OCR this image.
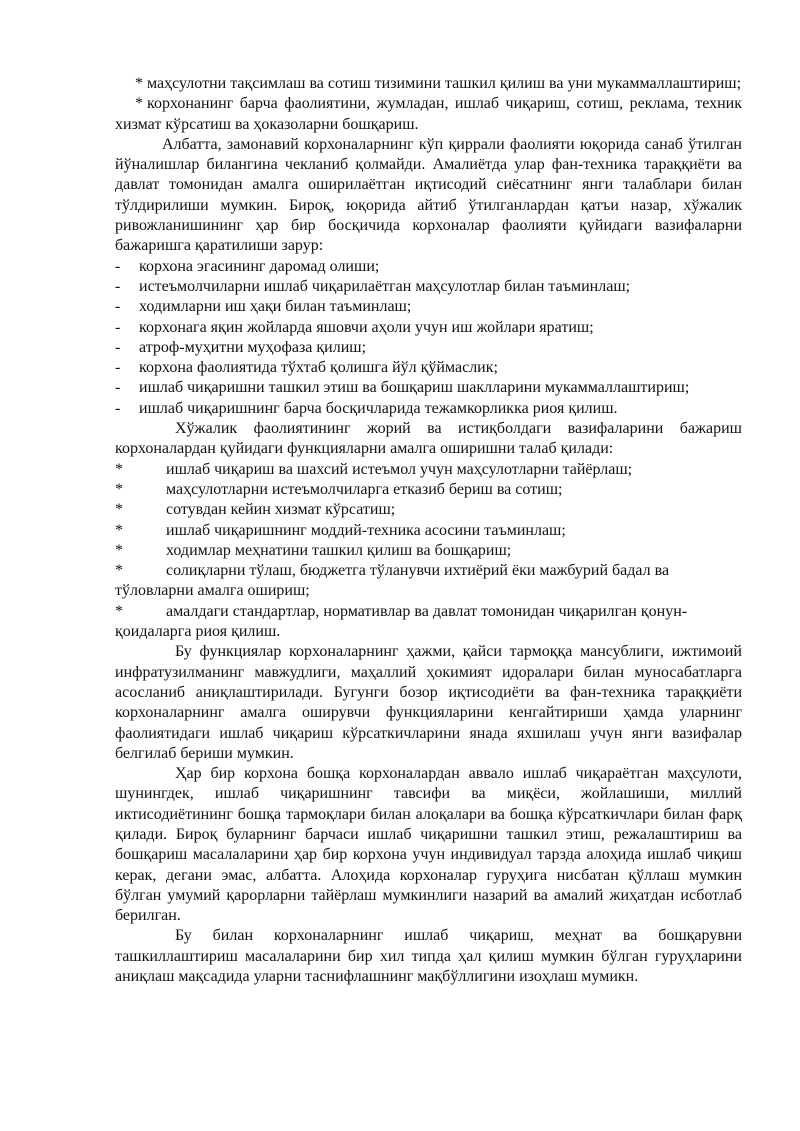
* маҳсулотни тақсимлаш ва сотиш тизимини ташкил қилиш ва уни мукаммаллаштириш;
* корхонанинг барча фаолиятини, жумладан, ишлаб чиқариш, сотиш, реклама, техник хизмат кўрсатиш ва ҳоказоларни бошқариш.

Албатта, замонавий корхоналарнинг кўп қиррали фаолияти юқорида санаб ўтилган йўналишлар билангина чекланиб қолмайди. Амалиётда улар фан-техника тараққиёти ва давлат томонидан амалга оширилаётган иқтисодий сиёсатнинг янги талаблари билан тўлдирилиши мумкин. Бироқ, юқорида айтиб ўтилганлардан қатъи назар, хўжалик ривожланишининг ҳар бир босқичида корхоналар фаолияти қуйидаги вазифаларни бажаришга қаратилиши зарур:

-	корхона эгасининг даромад олиши;
-	истеъмолчиларни ишлаб чиқарилаётган маҳсулотлар билан таъминлаш;
-	ходимларни иш ҳақи билан таъминлаш;
-	корхонага яқин жойларда яшовчи аҳоли учун иш жойлари яратиш;
-	атроф-муҳитни муҳофаза қилиш;
-	корхона фаолиятида тўхтаб қолишга йўл қўймаслик;
-	ишлаб чиқаришни ташкил этиш ва бошқариш шаклларини мукаммаллаштириш;
-	ишлаб чиқаришнинг барча босқичларида тежамкорликка риоя қилиш.

Хўжалик фаолиятининг жорий ва истиқболдаги вазифаларини бажариш корхоналардан қуйидаги функцияларни амалга оширишни талаб қилади:

*	ишлаб чиқариш ва шахсий истеъмол учун маҳсулотларни тайёрлаш;
*	маҳсулотларни истеъмолчиларга етказиб бериш ва сотиш;
*	сотувдан кейин хизмат кўрсатиш;
*	ишлаб чиқаришнинг моддий-техника асосини таъминлаш;
*	ходимлар меҳнатини ташкил қилиш ва бошқариш;
*	солиқларни тўлаш, бюджетга тўланувчи ихтиёрий ёки мажбурий бадал ва
тўловларни амалга ошириш;
*	амалдаги стандартлар, нормативлар ва давлат томонидан чиқарилган қонун-
қоидаларга риоя қилиш.

Бу функциялар корхоналарнинг ҳажми, қайси тармоққа мансублиги, ижтимоий инфратузилманинг мавжудлиги, маҳаллий ҳокимият идоралари билан муносабатларга асосланиб аниқлаштирилади. Бугунги бозор иқтисодиёти ва фан-техника тараққиёти корхоналарнинг амалга оширувчи функцияларини кенгайтириши ҳамда уларнинг фаолиятидаги ишлаб чиқариш кўрсаткичларини янада яхшилаш учун янги вазифалар белгилаб бериши мумкин.

Ҳар бир корхона бошқа корхоналардан аввало ишлаб чиқараётган маҳсулоти, шунингдек, ишлаб чиқаришнинг тавсифи ва миқёси, жойлашиши, миллий иктисодиётининг бошқа тармоқлари билан алоқалари ва бошқа кўрсаткичлари билан фарқ қилади. Бироқ буларнинг барчаси ишлаб чиқаришни ташкил этиш, режалаштириш ва бошқариш масалаларини ҳар бир корхона учун индивидуал тарзда алоҳида ишлаб чиқиш керак, дегани эмас, албатта. Алоҳида корхоналар гуруҳига нисбатан қўллаш мумкин бўлган умумий қарорларни тайёрлаш мумкинлиги назарий ва амалий жиҳатдан исботлаб берилган.

Бу билан корхоналарнинг ишлаб чиқариш, меҳнат ва бошқарувни ташкиллаштириш масалаларини бир хил типда ҳал қилиш мумкин бўлган гуруҳларини аниқлаш мақсадида уларни таснифлашнинг мақбўллигини изоҳлаш мумикн.
